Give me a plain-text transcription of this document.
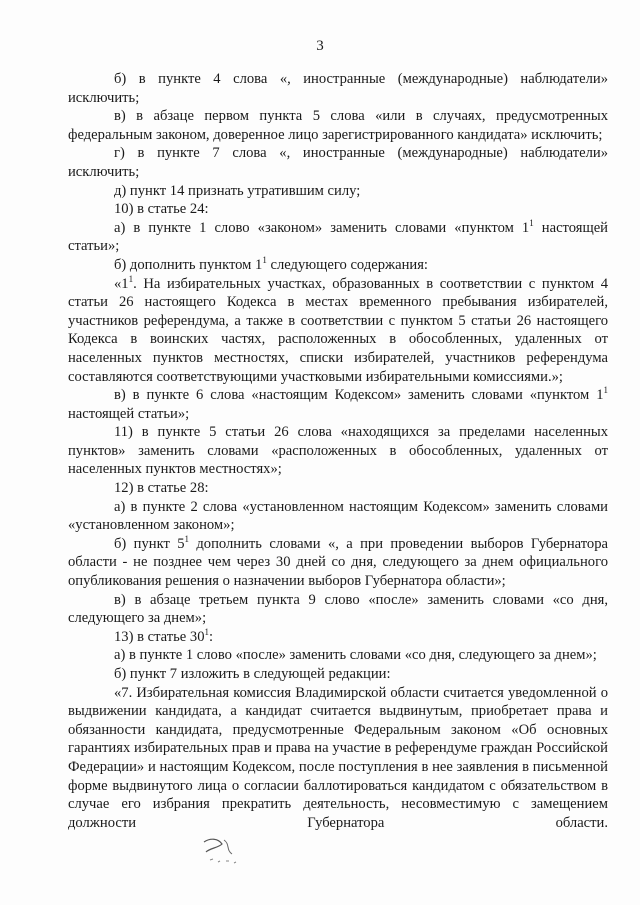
3

б) в пункте 4 слова «, иностранные (международные) наблюдатели» исключить;

в) в абзаце первом пункта 5 слова «или в случаях, предусмотренных федеральным законом, доверенное лицо зарегистрированного кандидата» исключить;

г) в пункте 7 слова «, иностранные (международные) наблюдатели» исключить;

д) пункт 14 признать утратившим силу;

10) в статье 24:

а) в пункте 1 слово «законом» заменить словами «пунктом $1^1$ настоящей статьи»;

б) дополнить пунктом $1^1$ следующего содержания:

«$1^1$. На избирательных участках, образованных в соответствии с пунктом 4 статьи 26 настоящего Кодекса в местах временного пребывания избирателей, участников референдума, а также в соответствии с пунктом 5 статьи 26 настоящего Кодекса в воинских частях, расположенных в обособленных, удаленных от населенных пунктов местностях, списки избирателей, участников референдума составляются соответствующими участковыми избирательными комиссиями.»;

в) в пункте 6 слова «настоящим Кодексом» заменить словами «пунктом $1^1$ настоящей статьи»;

11) в пункте 5 статьи 26 слова «находящихся за пределами населенных пунктов» заменить словами «расположенных в обособленных, удаленных от населенных пунктов местностях»;

12) в статье 28:

а) в пункте 2 слова «установленном настоящим Кодексом» заменить словами «установленном законом»;

б) пункт $5^1$ дополнить словами «, а при проведении выборов Губернатора области - не позднее чем через 30 дней со дня, следующего за днем официального опубликования решения о назначении выборов Губернатора области»;

в) в абзаце третьем пункта 9 слово «после» заменить словами «со дня, следующего за днем»;

13) в статье $30^1$:

а) в пункте 1 слово «после» заменить словами «со дня, следующего за днем»;

б) пункт 7 изложить в следующей редакции:

«7. Избирательная комиссия Владимирской области считается уведомленной о выдвижении кандидата, а кандидат считается выдвинутым, приобретает права и обязанности кандидата, предусмотренные Федеральным законом «Об основных гарантиях избирательных прав и права на участие в референдуме граждан Российской Федерации» и настоящим Кодексом, после поступления в нее заявления в письменной форме выдвинутого лица о согласии баллотироваться кандидатом с обязательством в случае его избрания прекратить деятельность, несовместимую с замещением должности Губернатора области.
